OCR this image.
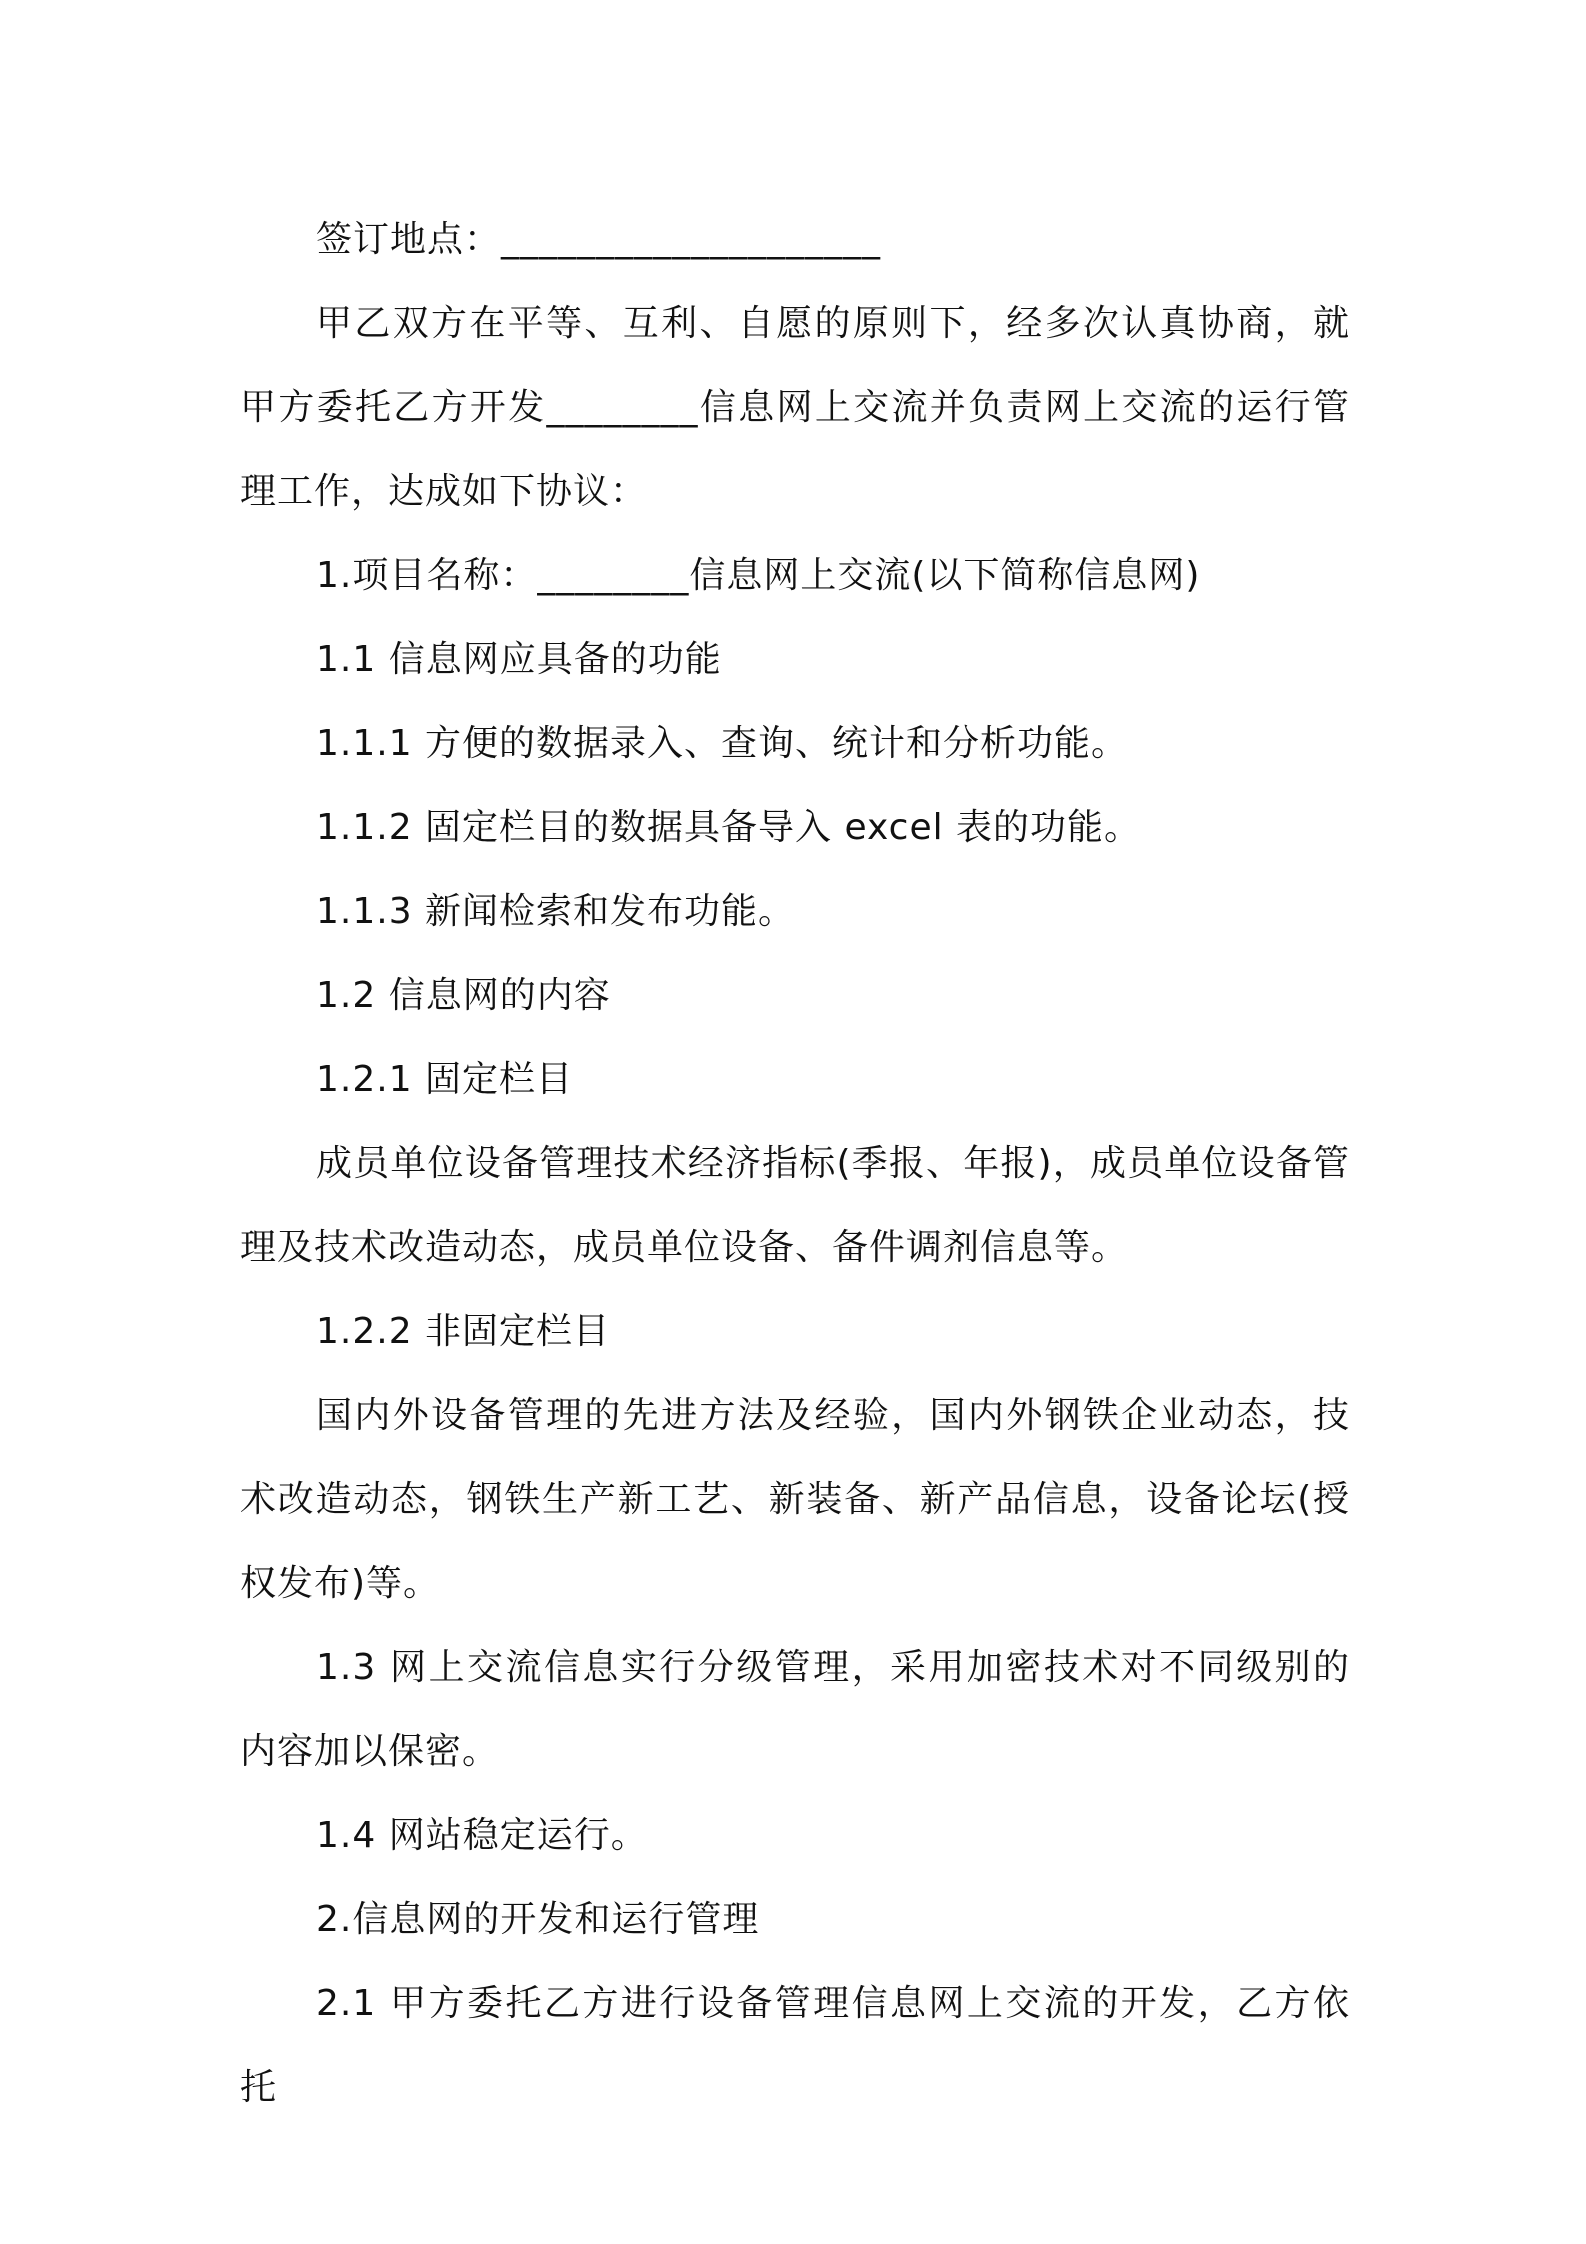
签订地点：____________________

甲乙双方在平等、互利、自愿的原则下，经多次认真协商，就甲方委托乙方开发________信息网上交流并负责网上交流的运行管理工作，达成如下协议：

1.项目名称：________信息网上交流(以下简称信息网)

1.1 信息网应具备的功能

1.1.1 方便的数据录入、查询、统计和分析功能。

1.1.2 固定栏目的数据具备导入 excel 表的功能。

1.1.3 新闻检索和发布功能。

1.2 信息网的内容

1.2.1 固定栏目

成员单位设备管理技术经济指标(季报、年报)，成员单位设备管理及技术改造动态，成员单位设备、备件调剂信息等。

1.2.2 非固定栏目

国内外设备管理的先进方法及经验，国内外钢铁企业动态，技术改造动态，钢铁生产新工艺、新装备、新产品信息，设备论坛(授权发布)等。

1.3 网上交流信息实行分级管理，采用加密技术对不同级别的内容加以保密。

1.4 网站稳定运行。

2.信息网的开发和运行管理

2.1 甲方委托乙方进行设备管理信息网上交流的开发，乙方依托
